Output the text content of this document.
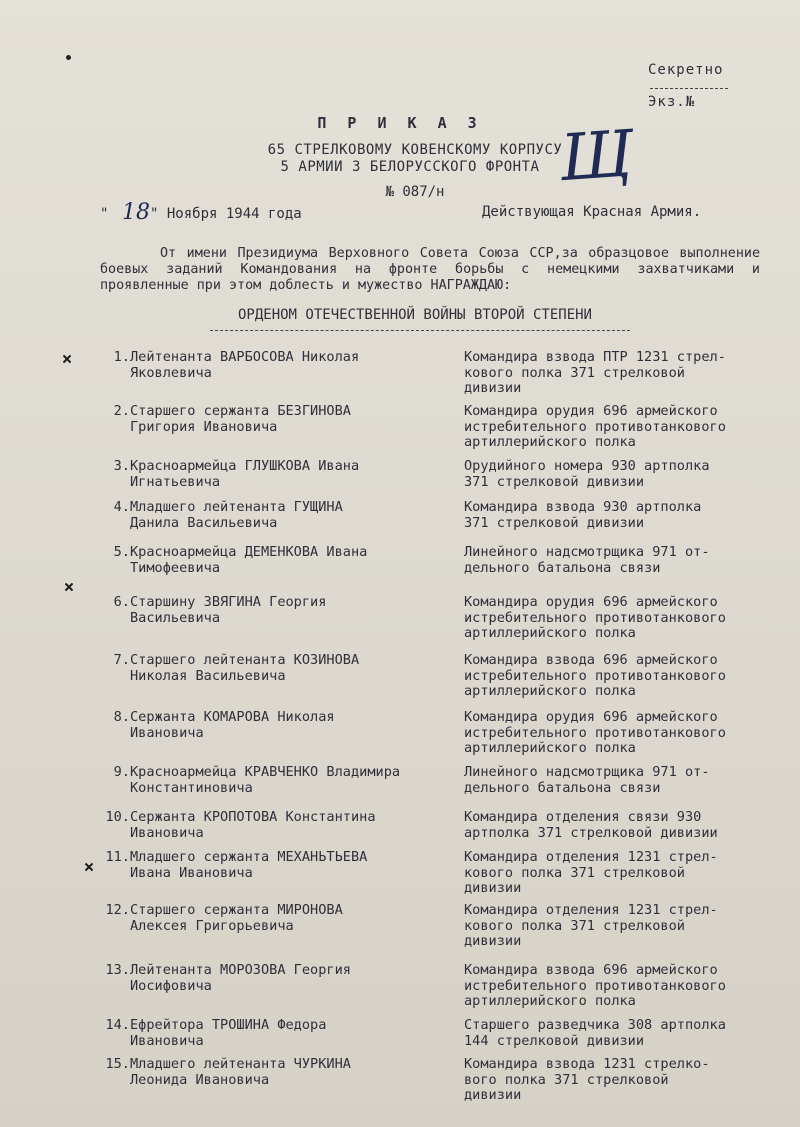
Секретно
Экз.№
П Р И К А З
65 СТРЕЛКОВОМУ КОВЕНСКОМУ КОРПУСУ
5 АРМИИ 3 БЕЛОРУССКОГО ФРОНТА
№ 087/н	Щ
" 18 " Ноября 1944 года	Действующая Красная Армия.
От имени Президиума Верховного Совета Союза ССР,за образцовое выполнение боевых заданий Командования на фронте борьбы с немецкими захватчиками и проявленные при этом доблесть и мужество НАГРАЖДАЮ:
ОРДЕНОМ ОТЕЧЕСТВЕННОЙ ВОЙНЫ ВТОРОЙ СТЕПЕНИ
1. Лейтенанта ВАРБОСОВА Николая
Яковлевича
Командира взвода ПТР 1231 стрел-
кового полка 371 стрелковой
дивизии
2. Старшего сержанта БЕЗГИНОВА
Григория Ивановича
Командира орудия 696 армейского
истребительного противотанкового
артиллерийского полка
3. Красноармейца ГЛУШКОВА Ивана
Игнатьевича
Орудийного номера 930 артполка
371 стрелковой дивизии
4. Младшего лейтенанта ГУЩИНА
Данила Васильевича
Командира взвода 930 артполка
371 стрелковой дивизии
5. Красноармейца ДЕМЕНКОВА Ивана
Тимофеевича
Линейного надсмотрщика 971 от-
дельного батальона связи
6. Старшину ЗВЯГИНА Георгия
Васильевича
Командира орудия 696 армейского
истребительного противотанкового
артиллерийского полка
7. Старшего лейтенанта КОЗИНОВА
Николая Васильевича
Командира взвода 696 армейского
истребительного противотанкового
артиллерийского полка
8. Сержанта КОМАРОВА Николая
Ивановича
Командира орудия 696 армейского
истребительного противотанкового
артиллерийского полка
9. Красноармейца КРАВЧЕНКО Владимира
Константиновича
Линейного надсмотрщика 971 от-
дельного батальона связи
10. Сержанта КРОПОТОВА Константина
Ивановича
Командира отделения связи 930
артполка 371 стрелковой дивизии
11. Младшего сержанта МЕХАНЬТЬЕВА
Ивана Ивановича
Командира отделения 1231 стрел-
кового полка 371 стрелковой
дивизии
12. Старшего сержанта МИРОНОВА
Алексея Григорьевича
Командира отделения 1231 стрел-
кового полка 371 стрелковой
дивизии
13. Лейтенанта МОРОЗОВА Георгия
Иосифовича
Командира взвода 696 армейского
истребительного противотанкового
артиллерийского полка
14. Ефрейтора ТРОШИНА Федора
Ивановича
Старшего разведчика 308 артполка
144 стрелковой дивизии
15. Младшего лейтенанта ЧУРКИНА
Леонида Ивановича
Командира взвода 1231 стрелко-
вого полка 371 стрелковой
дивизии
